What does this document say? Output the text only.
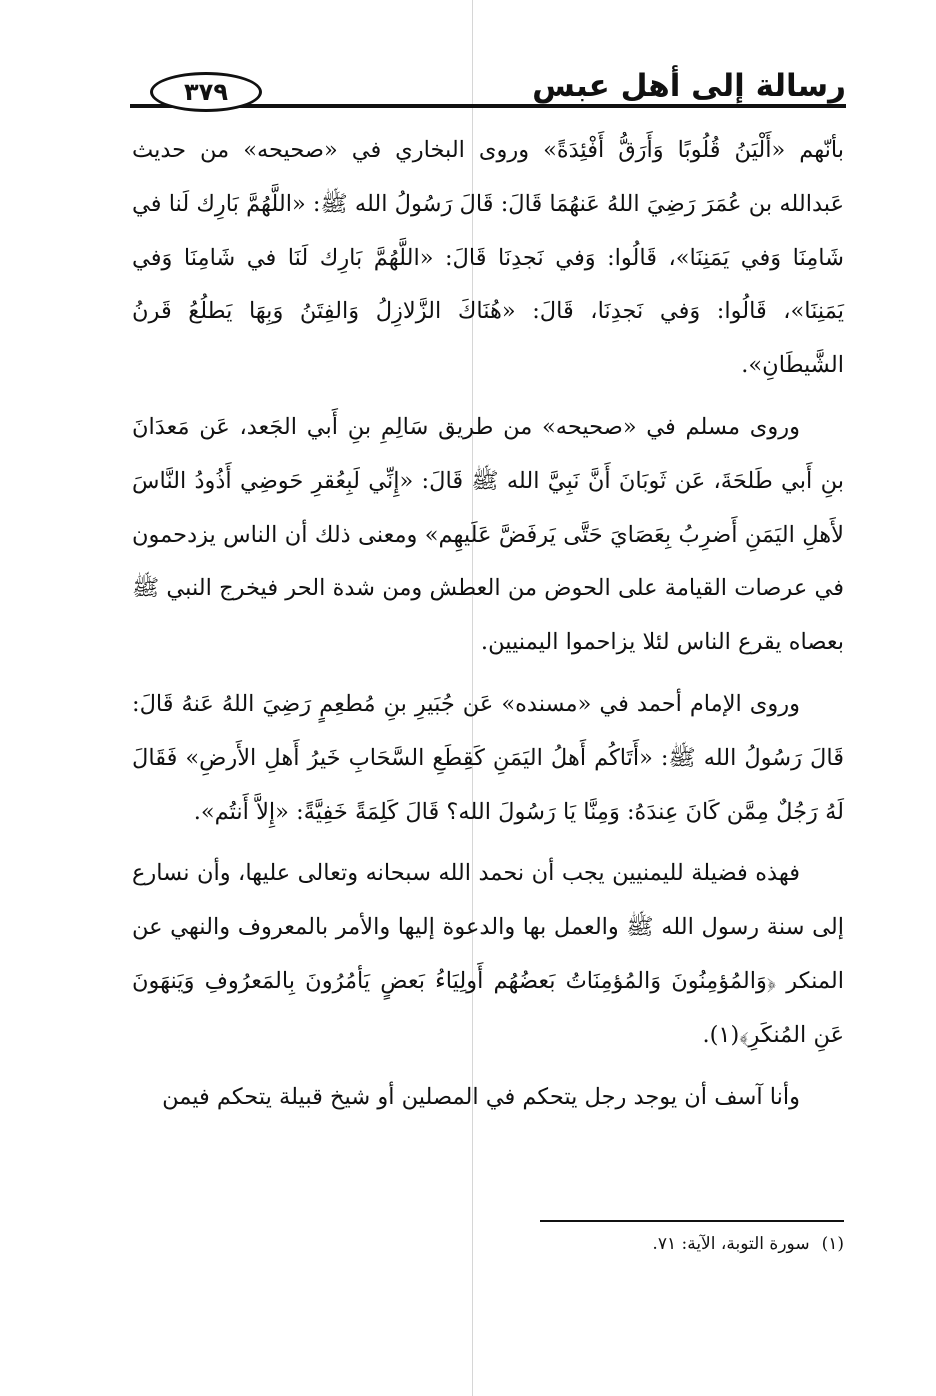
٣٧٩	رسالة إلى أهل عبس

بأنّهم «أَلْيَنُ قُلُوبًا وَأَرَقُّ أَفْئِدَةً» وروى البخاري في «صحيحه» من حديث عَبدالله بن عُمَرَ رَضِيَ اللهُ عَنهُمَا قَالَ: قَالَ رَسُولُ الله ﷺ: «اللَّهُمَّ بَارِك لَنا في شَامِنَا وَفي يَمَنِنَا»، قَالُوا: وَفي نَجدِنَا قَالَ: «اللَّهُمَّ بَارِك لَنَا في شَامِنَا وَفي يَمَنِنَا»، قَالُوا: وَفي نَجدِنَا، قَالَ: «هُنَاكَ الزَّلازِلُ وَالفِتَنُ وَبِهَا يَطلُعُ قَرنُ الشَّيطَانِ».

وروى مسلم في «صحيحه» من طريق سَالِمِ بنِ أَبي الجَعد، عَن مَعدَانَ بنِ أَبي طَلحَةَ، عَن ثَوبَانَ أَنَّ نَبِيَّ الله ﷺ قَالَ: «إِنِّي لَبِعُقرِ حَوضِي أَذُودُ النَّاسَ لأَهلِ اليَمَنِ أَضرِبُ بِعَصَايَ حَتَّى يَرفَضَّ عَلَيهِم» ومعنى ذلك أن الناس يزدحمون في عرصات القيامة على الحوض من العطش ومن شدة الحر فيخرج النبي ﷺ بعصاه يقرع الناس لئلا يزاحموا اليمنيين.

وروى الإمام أحمد في «مسنده» عَن جُبَيرِ بنِ مُطعِمٍ رَضِيَ اللهُ عَنهُ قَالَ: قَالَ رَسُولُ الله ﷺ: «أَتَاكُم أَهلُ اليَمَنِ كَقِطَعِ السَّحَابِ خَيرُ أَهلِ الأَرضِ» فَقَالَ لَهُ رَجُلٌ مِمَّن كَانَ عِندَهُ: وَمِنَّا يَا رَسُولَ الله؟ قَالَ كَلِمَةً خَفِيَّةً: «إِلاَّ أَنتُم».

فهذه فضيلة لليمنيين يجب أن نحمد الله سبحانه وتعالى عليها، وأن نسارع إلى سنة رسول الله ﷺ والعمل بها والدعوة إليها والأمر بالمعروف والنهي عن المنكر ﴿وَالمُؤمِنُونَ وَالمُؤمِنَاتُ بَعضُهُم أَولِيَاءُ بَعضٍ يَأمُرُونَ بِالمَعرُوفِ وَيَنهَونَ عَنِ المُنكَرِ﴾(١).

وأنا آسف أن يوجد رجل يتحكم في المصلين أو شيخ قبيلة يتحكم فيمن

(١)سورة التوبة، الآية: ٧١.
